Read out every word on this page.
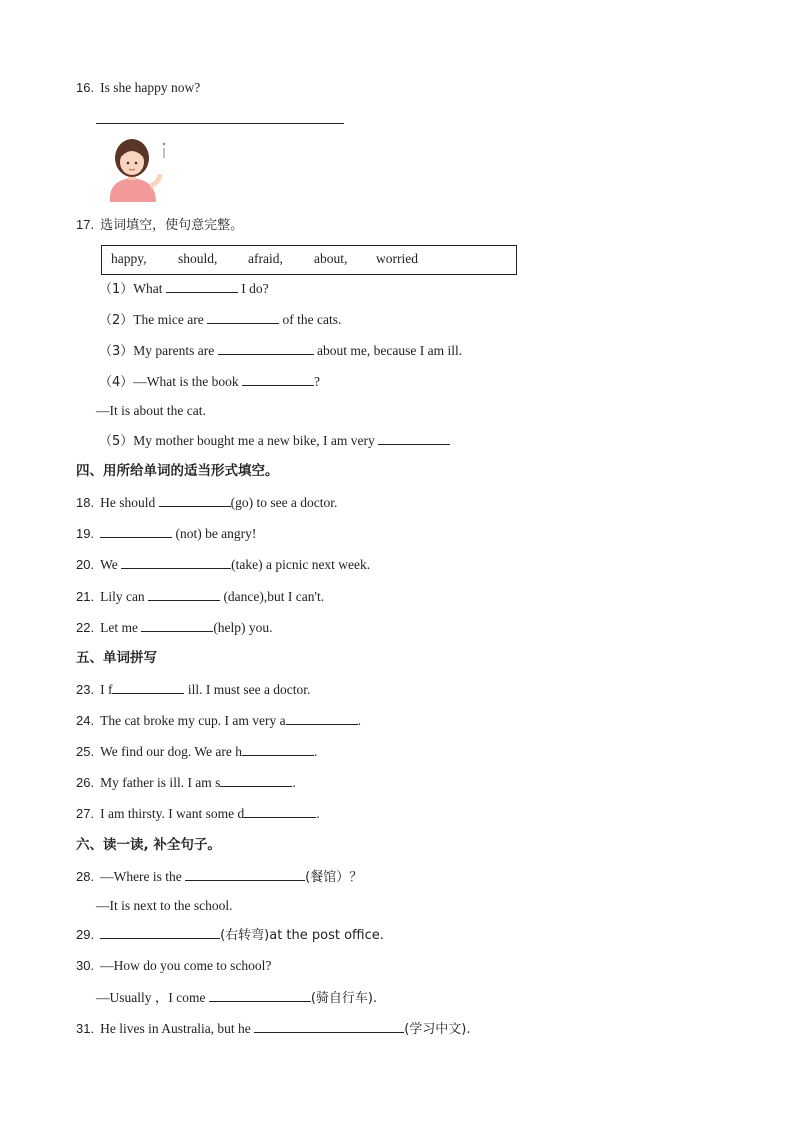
16. Is she happy now?
17. 选词填空，使句意完整。
happy, should, afraid, about, worried
（1）What	I do?
（2）The mice are	of the cats.
（3）My parents are	about me, because I am ill.
（4）—What is the book	?
—It is about the cat.
（5）My mother bought me a new bike, I am very
四、用所给单词的适当形式填空。
18. He should	(go) to see a doctor.
19.	(not) be angry!
20. We	(take) a picnic next week.
21. Lily can	(dance),but I can't.
22. Let me	(help) you.
五、单词拼写
23. I f	ill. I must see a doctor.
24. The cat broke my cup. I am very a	.
25. We find our dog. We are h	.
26. My father is ill. I am s	.
27. I am thirsty. I want some d	.
六、读一读, 补全句子。
28. —Where is the	(餐馆）？
—It is next to the school.
29.	(右转弯)at the post office.
30. —How do you come to school?
—Usually ，I come	(骑自行车).
31. He lives in Australia, but he	(学习中文).
